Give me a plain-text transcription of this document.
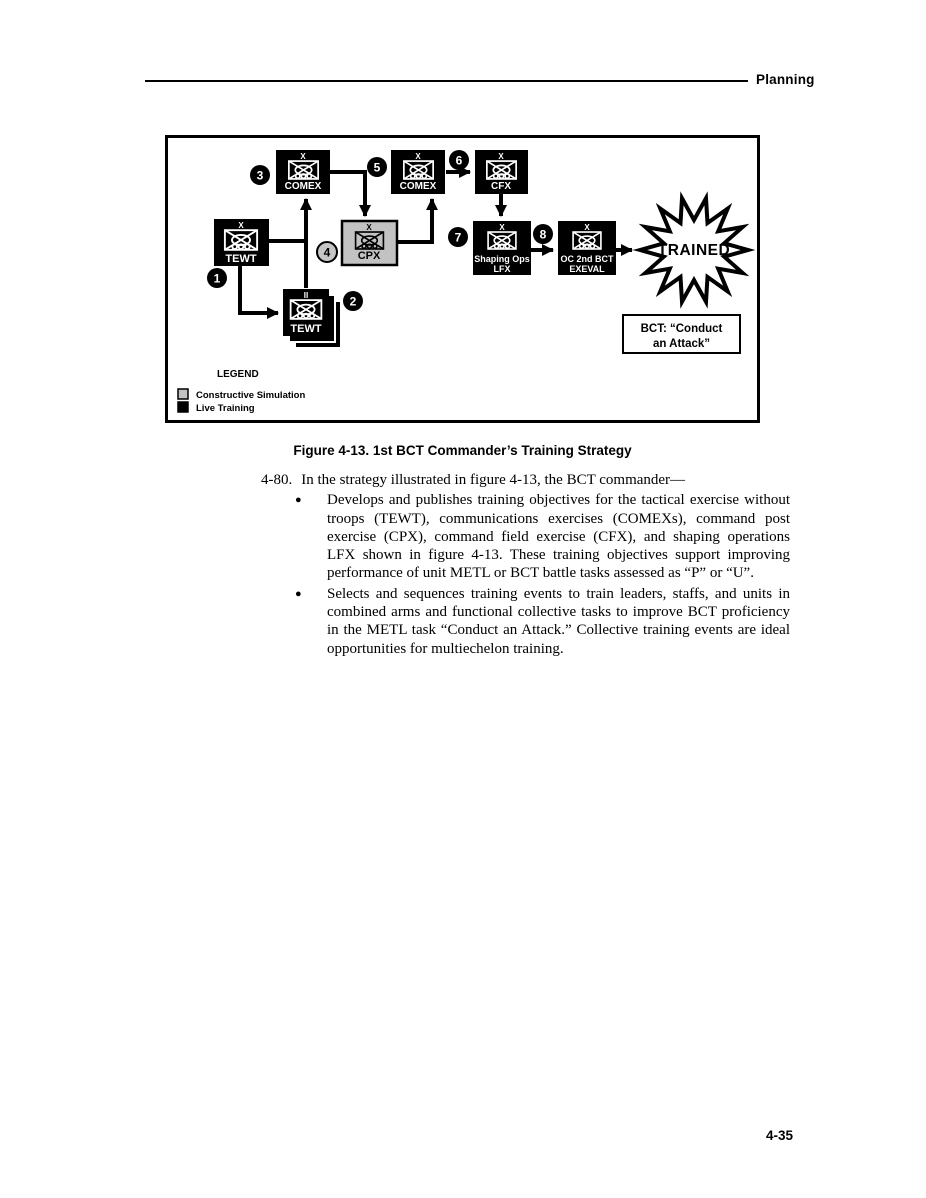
Planning
X
COMEX
X
COMEX
X
CFX
X
TEWT
X
CPX
X
Shaping Ops
LFX
X
OC 2nd BCT
EXEVAL
II
TEWT
1
2
3
4
5	6
7	8
TRAINED
BCT: “Conduct
an Attack”
LEGEND
Constructive Simulation
Live Training
Figure 4-13. 1st BCT Commander’s Training Strategy
4-80. In the strategy illustrated in figure 4-13, the BCT commander—
●	Develops and publishes training objectives for the tactical exercise without troops (TEWT), communications exercises (COMEXs), command post exercise (CPX), command field exercise (CFX), and shaping operations LFX shown in figure 4-13. These training objectives support improving performance of unit METL or BCT battle tasks assessed as “P” or “U”.
●	Selects and sequences training events to train leaders, staffs, and units in combined arms and functional collective tasks to improve BCT proficiency in the METL task “Conduct an Attack.” Collective training events are ideal opportunities for multiechelon training.
4-35
